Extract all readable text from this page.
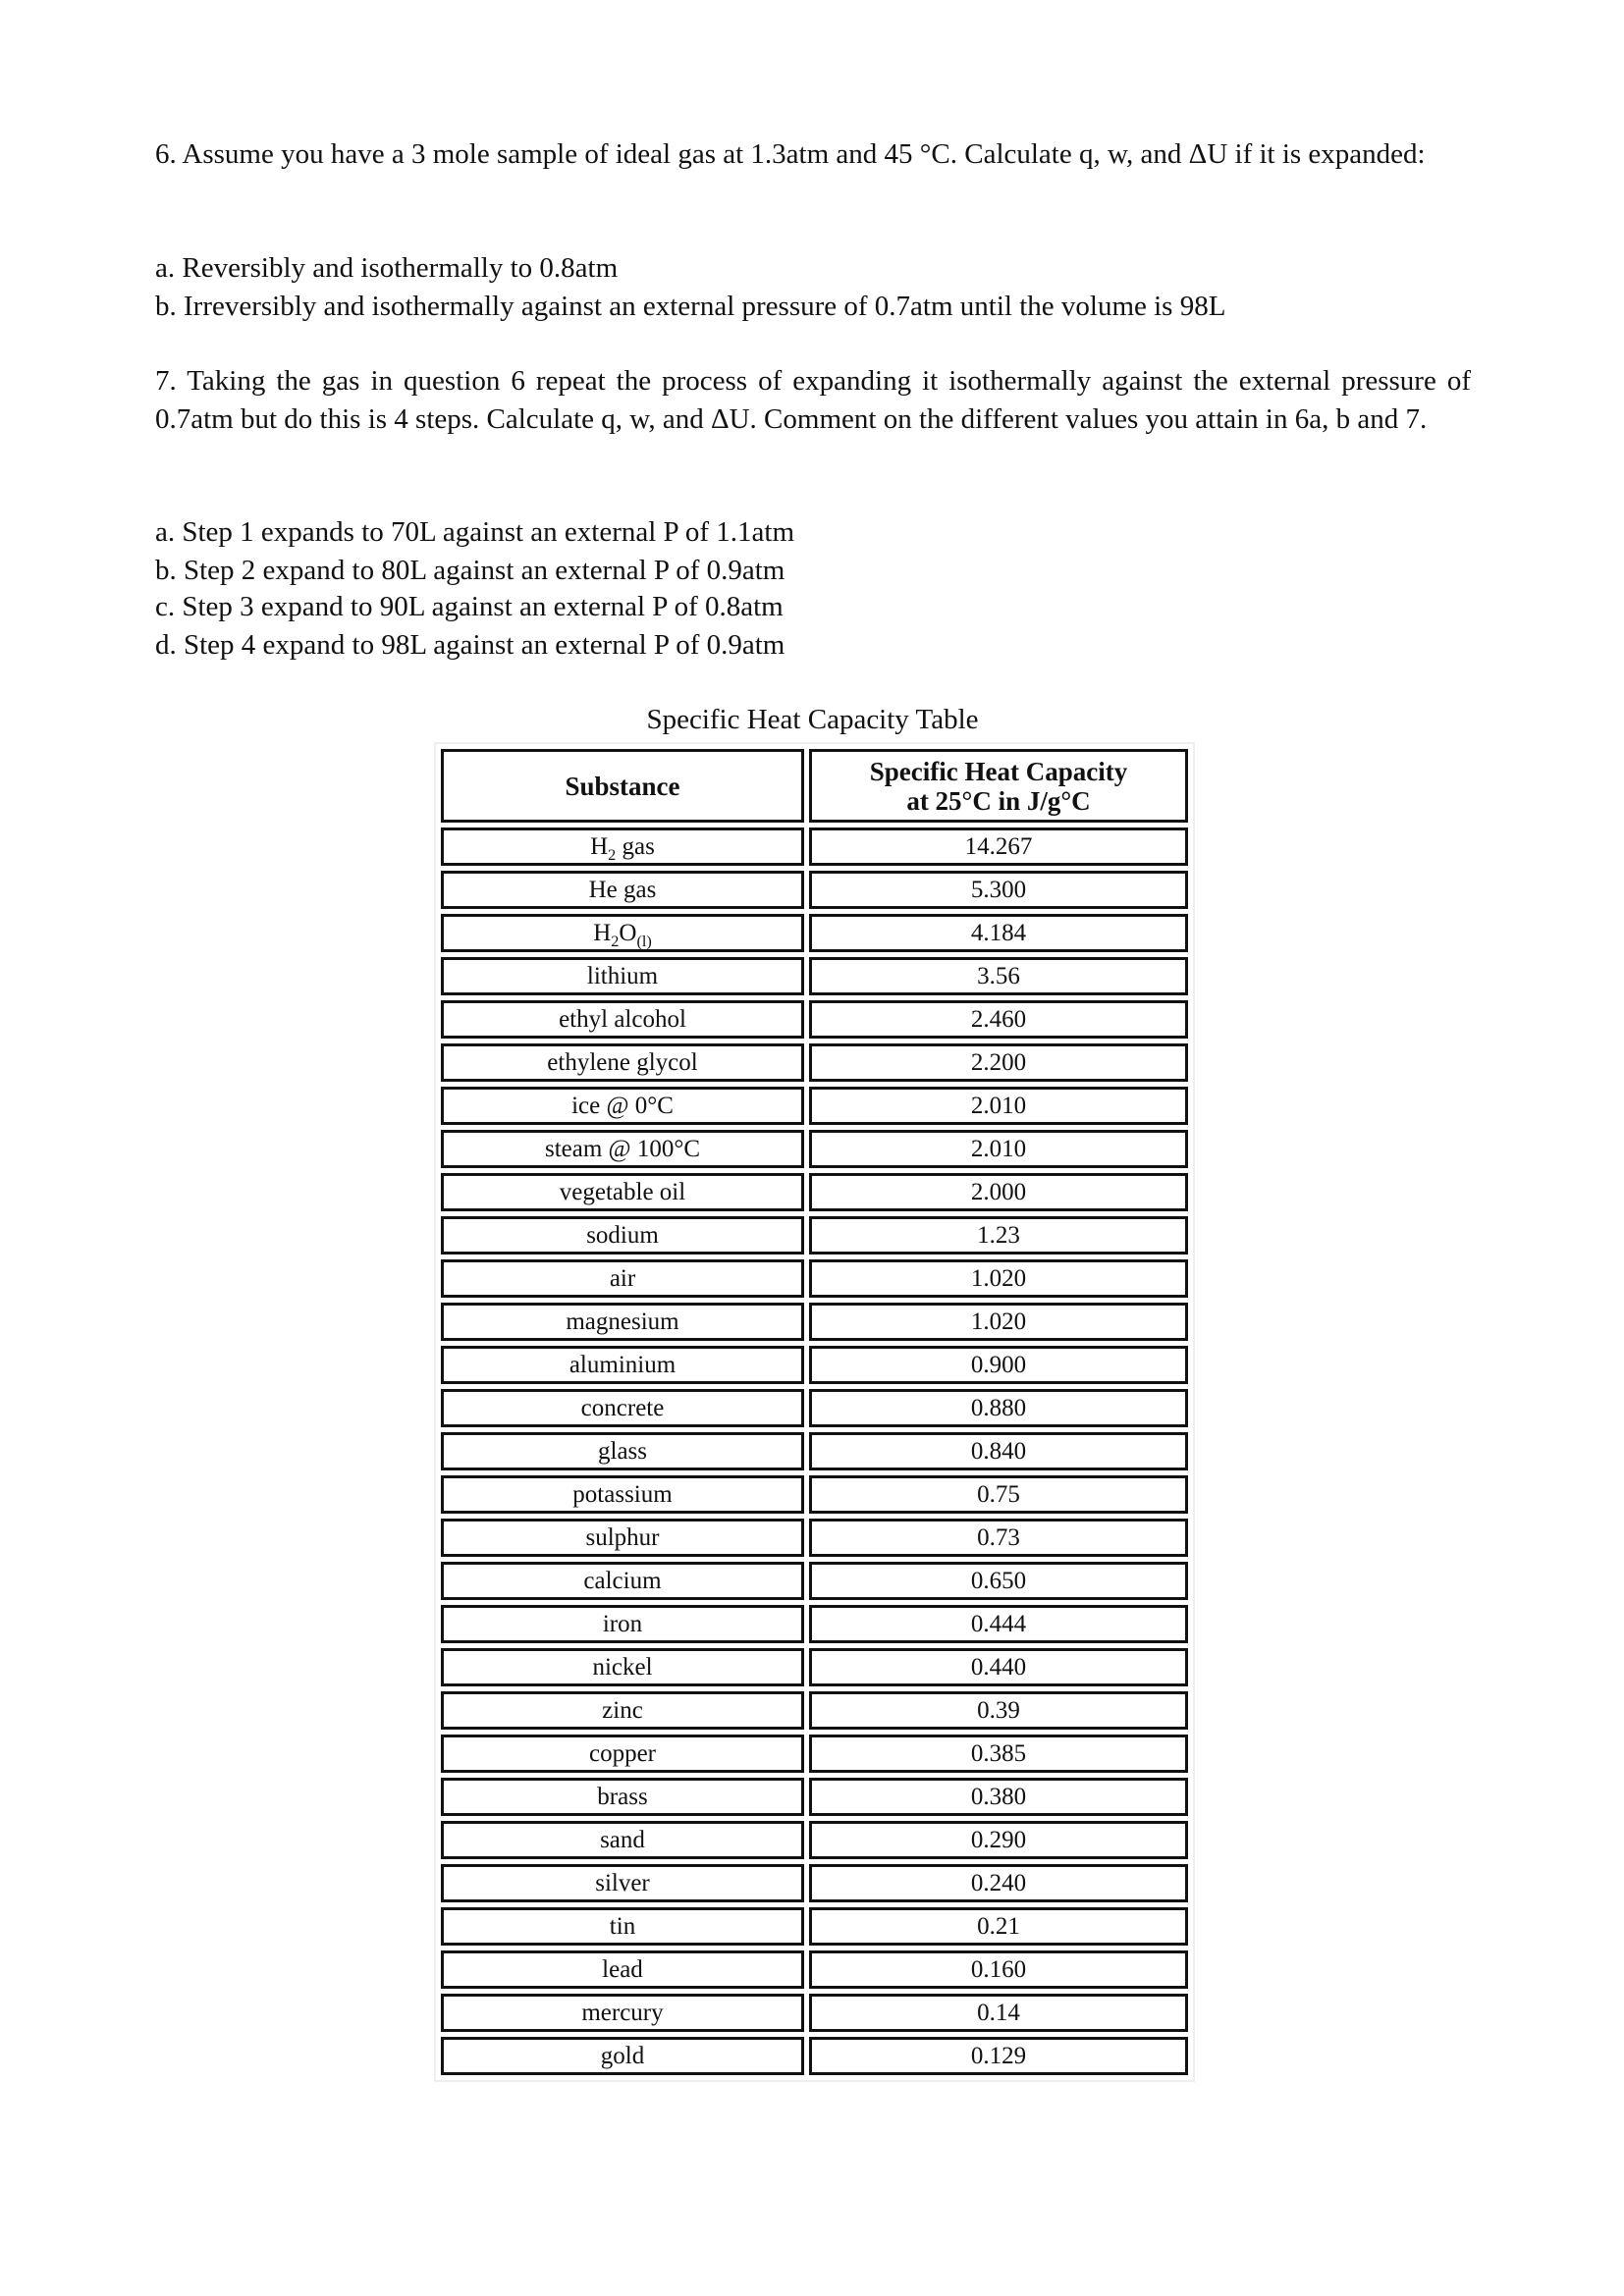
6. Assume you have a 3 mole sample of ideal gas at 1.3atm and 45 °C. Calculate q, w, and ΔU if it is expanded:
a. Reversibly and isothermally to 0.8atm
b. Irreversibly and isothermally against an external pressure of 0.7atm until the volume is 98L
7. Taking the gas in question 6 repeat the process of expanding it isothermally against the external pressure of 0.7atm but do this is 4 steps. Calculate q, w, and ΔU. Comment on the different values you attain in 6a, b and 7.
a. Step 1 expands to 70L against an external P of 1.1atm
b. Step 2 expand to 80L against an external P of 0.9atm
c. Step 3 expand to 90L against an external P of 0.8atm
d. Step 4 expand to 98L against an external P of 0.9atm
Specific Heat Capacity Table
Substance	Specific Heat Capacity
at 25°C in J/g°C
$H_2$ gas	14.267
He gas	5.300
$H_2O_{(l)}$	4.184
lithium	3.56
ethyl alcohol	2.460
ethylene glycol	2.200
ice @ 0°C	2.010
steam @ 100°C	2.010
vegetable oil	2.000
sodium	1.23
air	1.020
magnesium	1.020
aluminium	0.900
concrete	0.880
glass	0.840
potassium	0.75
sulphur	0.73
calcium	0.650
iron	0.444
nickel	0.440
zinc	0.39
copper	0.385
brass	0.380
sand	0.290
silver	0.240
tin	0.21
lead	0.160
mercury	0.14
gold	0.129
